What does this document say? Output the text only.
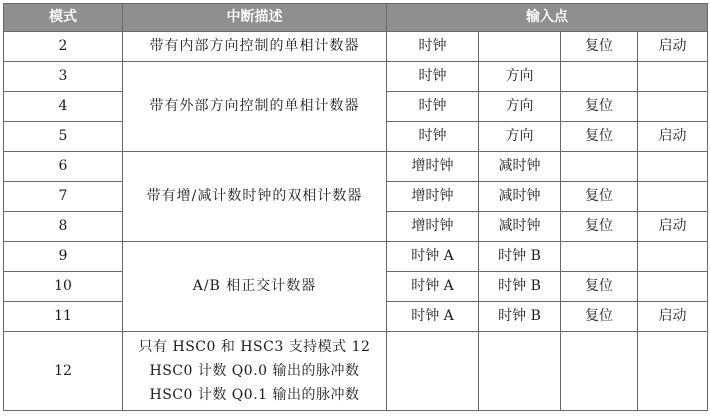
模式	中断描述	输入点			
2	带有内部方向控制的单相计数器	时钟		复位	启动
3	带有外部方向控制的单相计数器	时钟	方向		
4		时钟	方向	复位	
5		时钟	方向	复位	启动
6	带有增/减计数时钟的双相计数器	增时钟	减时钟		
7		增时钟	减时钟	复位	
8		增时钟	减时钟	复位	启动
9	A/B 相正交计数器	时钟 A	时钟 B		
10		时钟 A	时钟 B	复位	
11		时钟 A	时钟 B	复位	启动
12	只有 HSC0 和 HSC3 支持模式 12
HSC0 计数 Q0.0 输出的脉冲数
HSC0 计数 Q0.1 输出的脉冲数				
